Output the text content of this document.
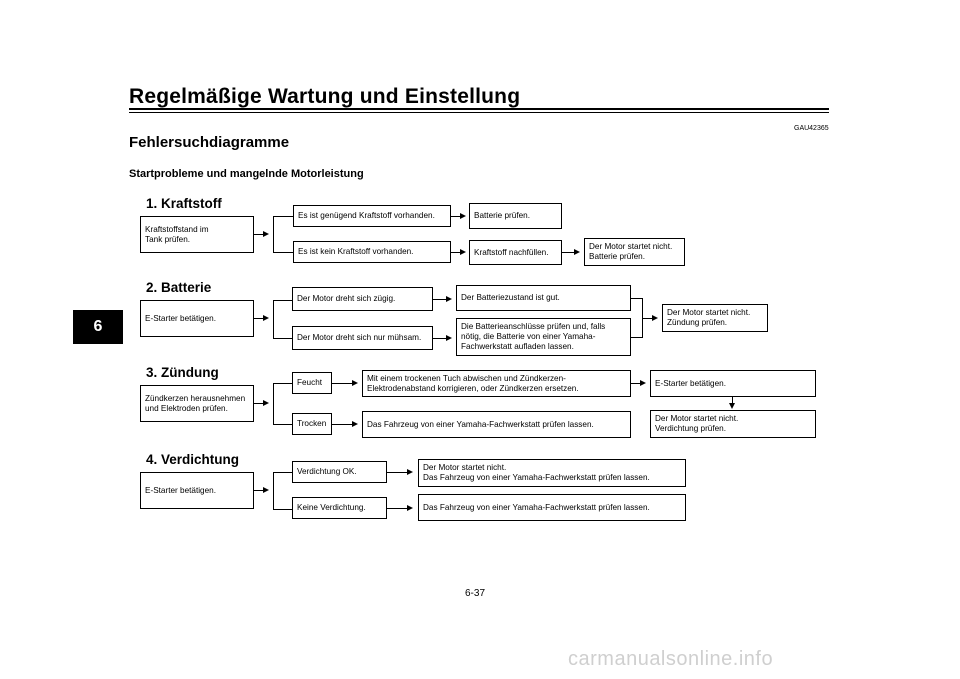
Regelmäßige Wartung und Einstellung
6
GAU42365
Fehlersuchdiagramme
Startprobleme und mangelnde Motorleistung
1. Kraftstoff
Kraftstoffstand im
Tank prüfen.
Es ist genügend Kraftstoff vorhanden.	Batterie prüfen.
Es ist kein Kraftstoff vorhanden.	Kraftstoff nachfüllen.
Der Motor startet nicht.
Batterie prüfen.
2. Batterie
E-Starter betätigen.
Der Motor dreht sich zügig.	Der Batteriezustand ist gut.
Der Motor dreht sich nur mühsam.
Die Batterieanschlüsse prüfen und, falls
nötig, die Batterie von einer Yamaha-
Fachwerkstatt aufladen lassen.
Der Motor startet nicht.
Zündung prüfen.
3. Zündung
Zündkerzen herausnehmen
und Elektroden prüfen.
Feucht	Mit einem trockenen Tuch abwischen und Zündkerzen-
Elektrodenabstand korrigieren, oder Zündkerzen ersetzen.
E-Starter betätigen.
Trocken	Das Fahrzeug von einer Yamaha-Fachwerkstatt prüfen lassen.
Der Motor startet nicht.
Verdichtung prüfen.
4. Verdichtung
E-Starter betätigen.
Verdichtung OK.	Der Motor startet nicht.
Das Fahrzeug von einer Yamaha-Fachwerkstatt prüfen lassen.
Keine Verdichtung.	Das Fahrzeug von einer Yamaha-Fachwerkstatt prüfen lassen.
6-37
carmanualsonline.info
